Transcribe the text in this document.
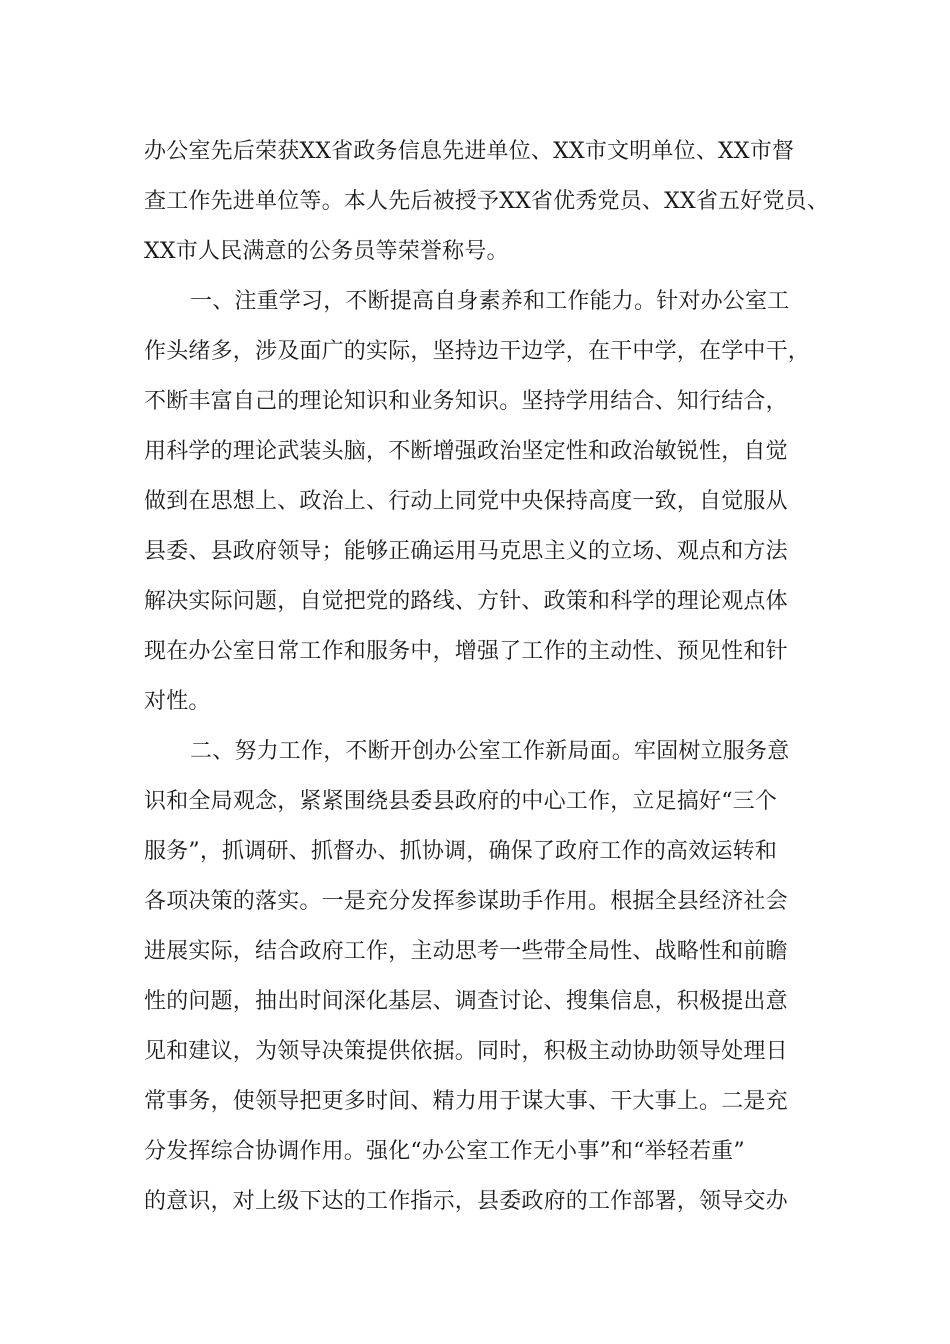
办公室先后荣获XX省政务信息先进单位、XX市文明单位、XX市督
查工作先进单位等。本人先后被授予XX省优秀党员、XX省五好党员、
XX市人民满意的公务员等荣誉称号。
一、注重学习，不断提高自身素养和工作能力。针对办公室工
作头绪多，涉及面广的实际，坚持边干边学，在干中学，在学中干，
不断丰富自己的理论知识和业务知识。坚持学用结合、知行结合，
用科学的理论武装头脑，不断增强政治坚定性和政治敏锐性，自觉
做到在思想上、政治上、行动上同党中央保持高度一致，自觉服从
县委、县政府领导；能够正确运用马克思主义的立场、观点和方法
解决实际问题，自觉把党的路线、方针、政策和科学的理论观点体
现在办公室日常工作和服务中，增强了工作的主动性、预见性和针
对性。
二、努力工作，不断开创办公室工作新局面。牢固树立服务意
识和全局观念，紧紧围绕县委县政府的中心工作，立足搞好“三个
服务”，抓调研、抓督办、抓协调，确保了政府工作的高效运转和
各项决策的落实。一是充分发挥参谋助手作用。根据全县经济社会
进展实际，结合政府工作，主动思考一些带全局性、战略性和前瞻
性的问题，抽出时间深化基层、调查讨论、搜集信息，积极提出意
见和建议，为领导决策提供依据。同时，积极主动协助领导处理日
常事务，使领导把更多时间、精力用于谋大事、干大事上。二是充
分发挥综合协调作用。强化“办公室工作无小事”和“举轻若重”
的意识，对上级下达的工作指示，县委政府的工作部署，领导交办
